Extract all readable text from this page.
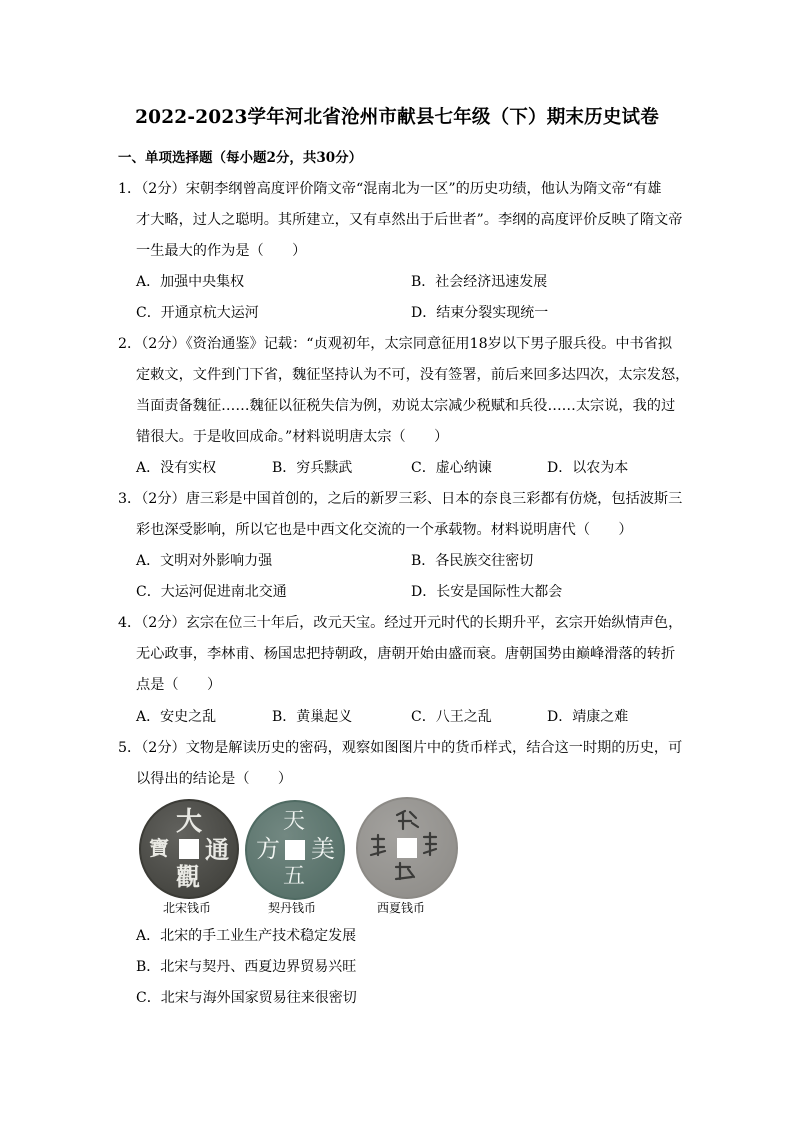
2022-2023学年河北省沧州市献县七年级（下）期末历史试卷
一、单项选择题（每小题2分，共30分）
1．（2分）宋朝李纲曾高度评价隋文帝“混南北为一区”的历史功绩，他认为隋文帝“有雄
才大略，过人之聪明。其所建立，又有卓然出于后世者”。李纲的高度评价反映了隋文帝
一生最大的作为是（　　）
A．加强中央集权	B．社会经济迅速发展
C．开通京杭大运河	D．结束分裂实现统一
2．（2分）《资治通鉴》记载：“贞观初年，太宗同意征用18岁以下男子服兵役。中书省拟
定敕文，文件到门下省，魏征坚持认为不可，没有签署，前后来回多达四次，太宗发怒，
当面责备魏征……魏征以征税失信为例，劝说太宗减少税赋和兵役……太宗说，我的过
错很大。于是收回成命。”材料说明唐太宗（　　）
A．没有实权	B．穷兵黩武	C．虚心纳谏	D．以农为本
3．（2分）唐三彩是中国首创的，之后的新罗三彩、日本的奈良三彩都有仿烧，包括波斯三
彩也深受影响，所以它也是中西文化交流的一个承载物。材料说明唐代（　　）
A．文明对外影响力强	B．各民族交往密切
C．大运河促进南北交通	D．长安是国际性大都会
4．（2分）玄宗在位三十年后，改元天宝。经过开元时代的长期升平，玄宗开始纵情声色，
无心政事，李林甫、杨国忠把持朝政，唐朝开始由盛而衰。唐朝国势由巅峰滑落的转折
点是（　　）
A．安史之乱	B．黄巢起义	C．八王之乱	D．靖康之难
5．（2分）文物是解读历史的密码，观察如图图片中的货币样式，结合这一时期的历史，可
以得出的结论是（　　）
大
通
觀
寶
天
美
五
方
北宋钱币	契丹钱币	西夏钱币
A．北宋的手工业生产技术稳定发展
B．北宋与契丹、西夏边界贸易兴旺
C．北宋与海外国家贸易往来很密切
